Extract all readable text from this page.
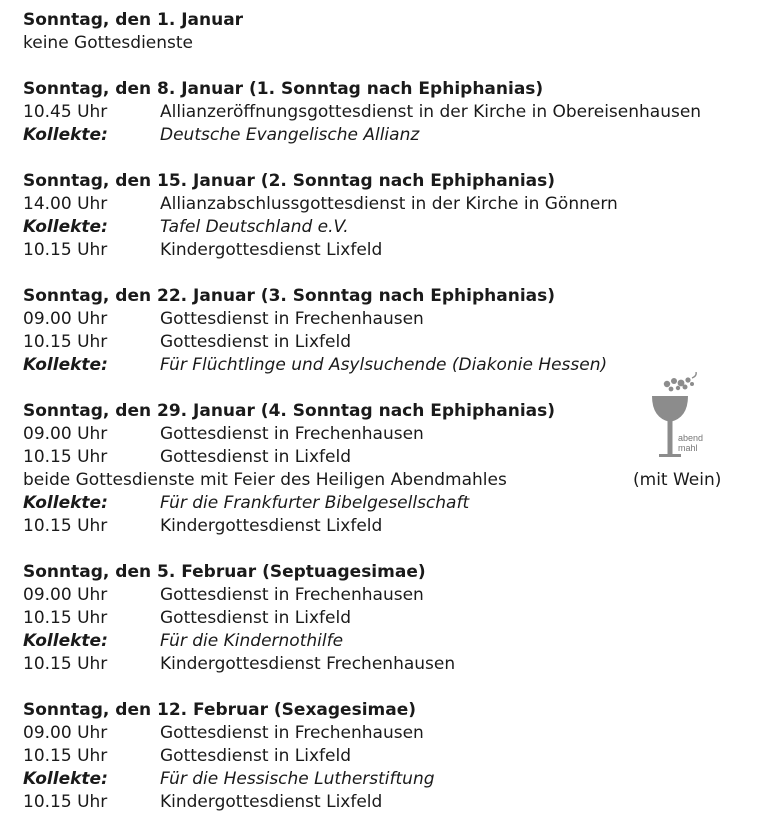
Sonntag, den 1. Januar
keine Gottesdienste
Sonntag, den 8. Januar (1. Sonntag nach Ephiphanias)
10.45 Uhr	Allianzeröffnungsgottesdienst in der Kirche in Obereisenhausen
Kollekte:	Deutsche Evangelische Allianz
Sonntag, den 15. Januar (2. Sonntag nach Ephiphanias)
14.00 Uhr	Allianzabschlussgottesdienst in der Kirche in Gönnern
Kollekte:	Tafel Deutschland e.V.
10.15 Uhr	Kindergottesdienst Lixfeld
Sonntag, den 22. Januar (3. Sonntag nach Ephiphanias)
09.00 Uhr	Gottesdienst in Frechenhausen
10.15 Uhr	Gottesdienst in Lixfeld
Kollekte:	Für Flüchtlinge und Asylsuchende (Diakonie Hessen)
Sonntag, den 29. Januar (4. Sonntag nach Ephiphanias)
09.00 Uhr	Gottesdienst in Frechenhausen
10.15 Uhr	Gottesdienst in Lixfeld
beide Gottesdienste mit Feier des Heiligen Abendmahles	(mit Wein)
Kollekte:	Für die Frankfurter Bibelgesellschaft
10.15 Uhr	Kindergottesdienst Lixfeld
Sonntag, den 5. Februar (Septuagesimae)
09.00 Uhr	Gottesdienst in Frechenhausen
10.15 Uhr	Gottesdienst in Lixfeld
Kollekte:	Für die Kindernothilfe
10.15 Uhr	Kindergottesdienst Frechenhausen
Sonntag, den 12. Februar (Sexagesimae)
09.00 Uhr	Gottesdienst in Frechenhausen
10.15 Uhr	Gottesdienst in Lixfeld
Kollekte:	Für die Hessische Lutherstiftung
10.15 Uhr	Kindergottesdienst Lixfeld
abend
mahl
